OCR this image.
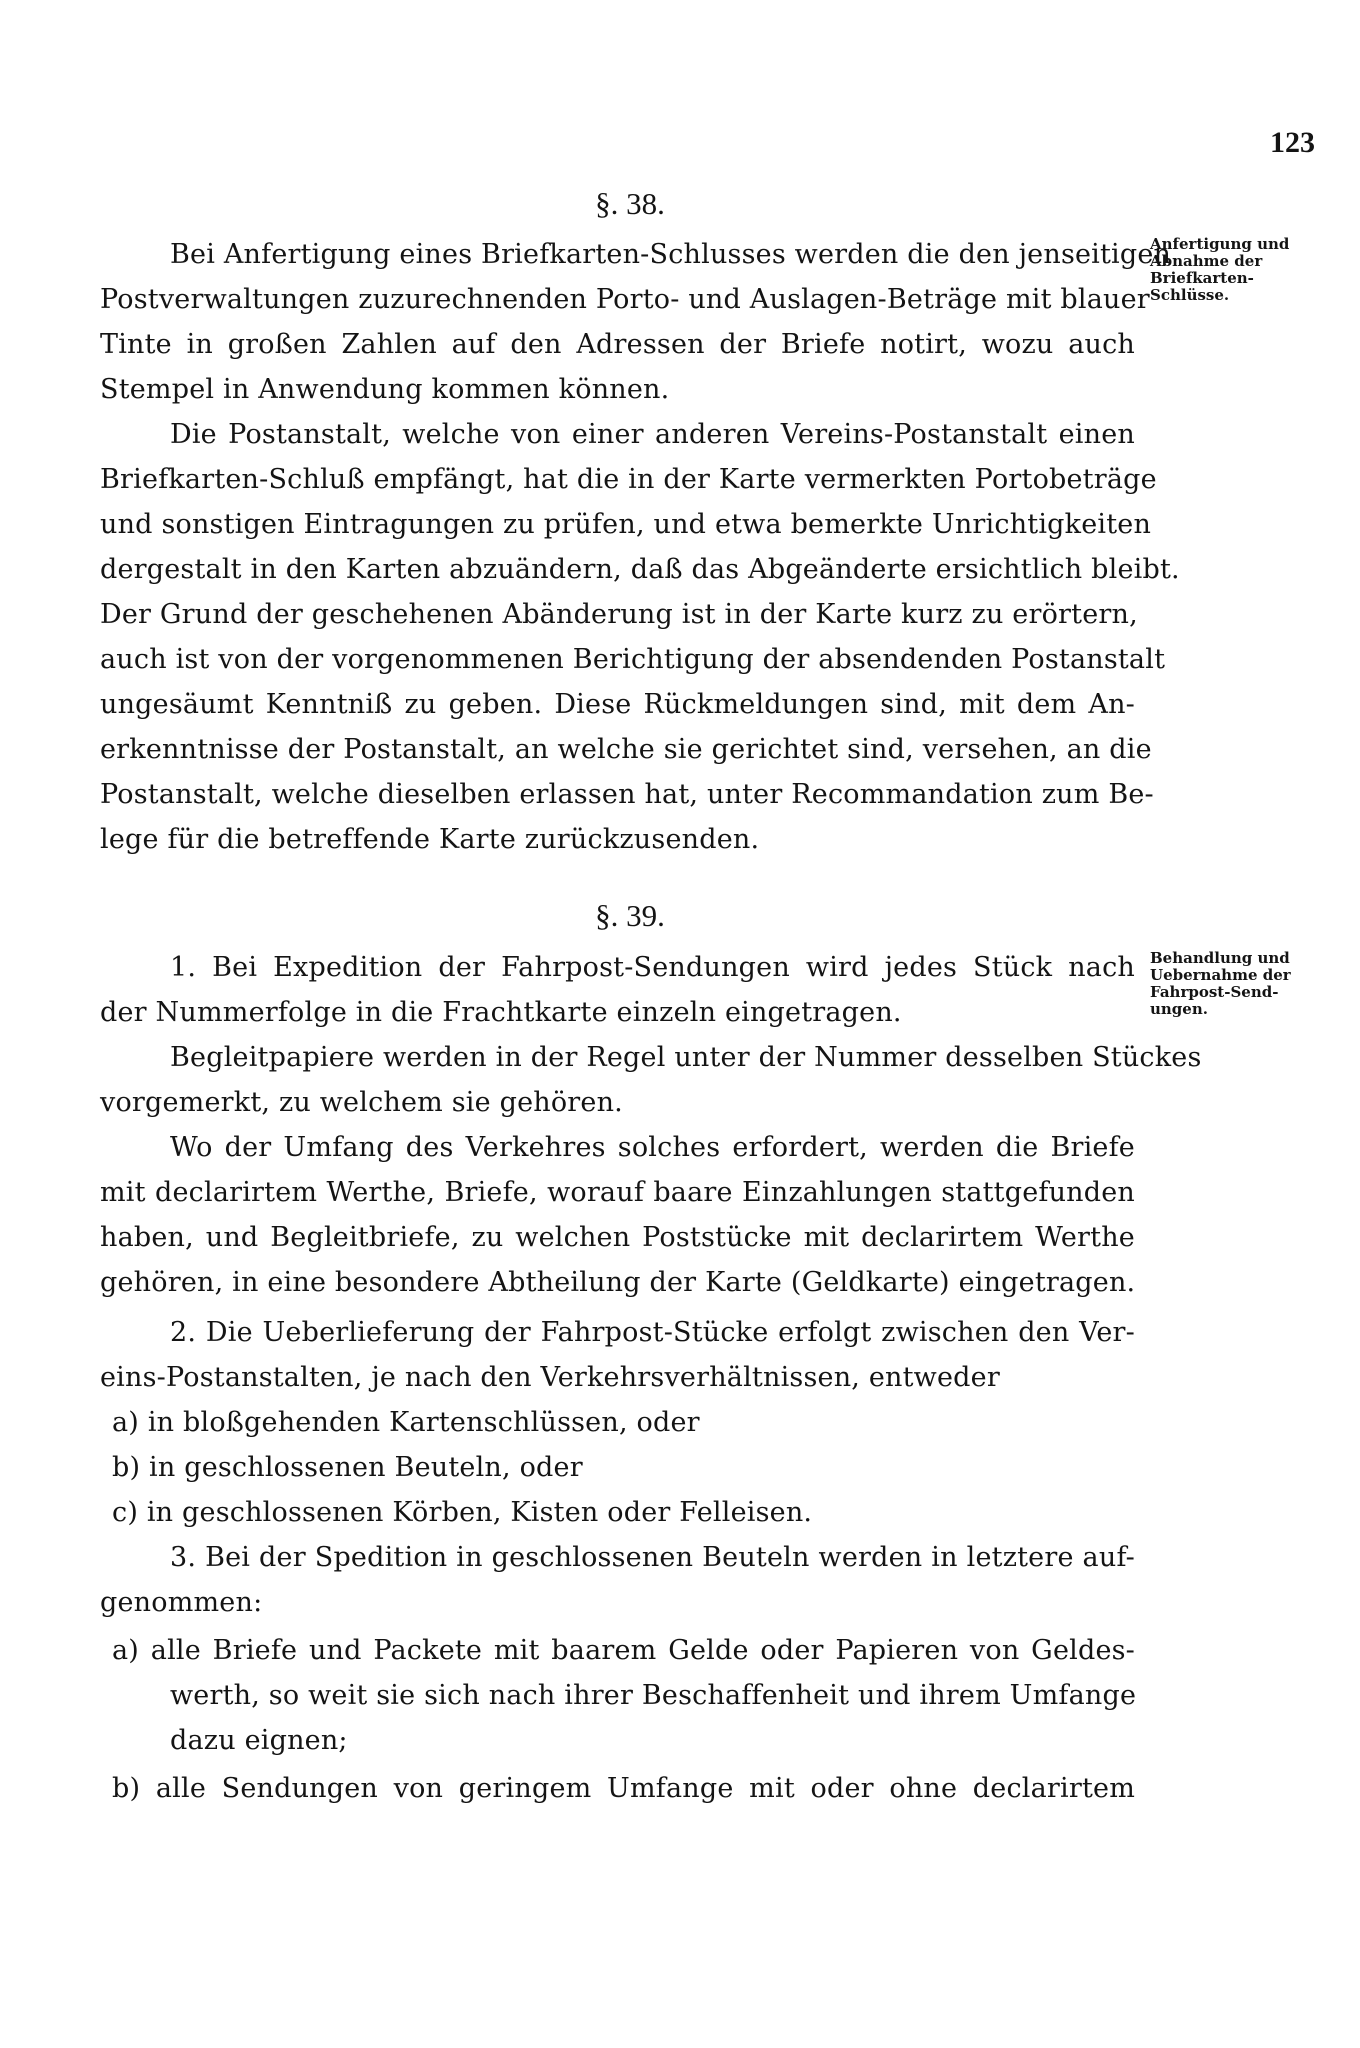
123
§. 38.
Anfertigung und
Abnahme der
Briefkarten-
Schlüsse.
Bei Anfertigung eines Briefkarten-Schlusses werden die den jenseitigen
Postverwaltungen zuzurechnenden Porto- und Auslagen-Beträge mit blauer
Tinte in großen Zahlen auf den Adressen der Briefe notirt, wozu auch
Stempel in Anwendung kommen können.
Die Postanstalt, welche von einer anderen Vereins-Postanstalt einen
Briefkarten-Schluß empfängt, hat die in der Karte vermerkten Portobeträge
und sonstigen Eintragungen zu prüfen, und etwa bemerkte Unrichtigkeiten
dergestalt in den Karten abzuändern, daß das Abgeänderte ersichtlich bleibt.
Der Grund der geschehenen Abänderung ist in der Karte kurz zu erörtern,
auch ist von der vorgenommenen Berichtigung der absendenden Postanstalt
ungesäumt Kenntniß zu geben. Diese Rückmeldungen sind, mit dem An-
erkenntnisse der Postanstalt, an welche sie gerichtet sind, versehen, an die
Postanstalt, welche dieselben erlassen hat, unter Recommandation zum Be-
lege für die betreffende Karte zurückzusenden.
§. 39.
Behandlung und
Uebernahme der
Fahrpost-Send-
ungen.
1. Bei Expedition der Fahrpost-Sendungen wird jedes Stück nach
der Nummerfolge in die Frachtkarte einzeln eingetragen.
Begleitpapiere werden in der Regel unter der Nummer desselben Stückes
vorgemerkt, zu welchem sie gehören.
Wo der Umfang des Verkehres solches erfordert, werden die Briefe
mit declarirtem Werthe, Briefe, worauf baare Einzahlungen stattgefunden
haben, und Begleitbriefe, zu welchen Poststücke mit declarirtem Werthe
gehören, in eine besondere Abtheilung der Karte (Geldkarte) eingetragen.
2. Die Ueberlieferung der Fahrpost-Stücke erfolgt zwischen den Ver-
eins-Postanstalten, je nach den Verkehrsverhältnissen, entweder
a) in bloßgehenden Kartenschlüssen, oder
b) in geschlossenen Beuteln, oder
c) in geschlossenen Körben, Kisten oder Felleisen.
3. Bei der Spedition in geschlossenen Beuteln werden in letztere auf-
genommen:
a) alle Briefe und Packete mit baarem Gelde oder Papieren von Geldes-
werth, so weit sie sich nach ihrer Beschaffenheit und ihrem Umfange
dazu eignen;
b) alle Sendungen von geringem Umfange mit oder ohne declarirtem
